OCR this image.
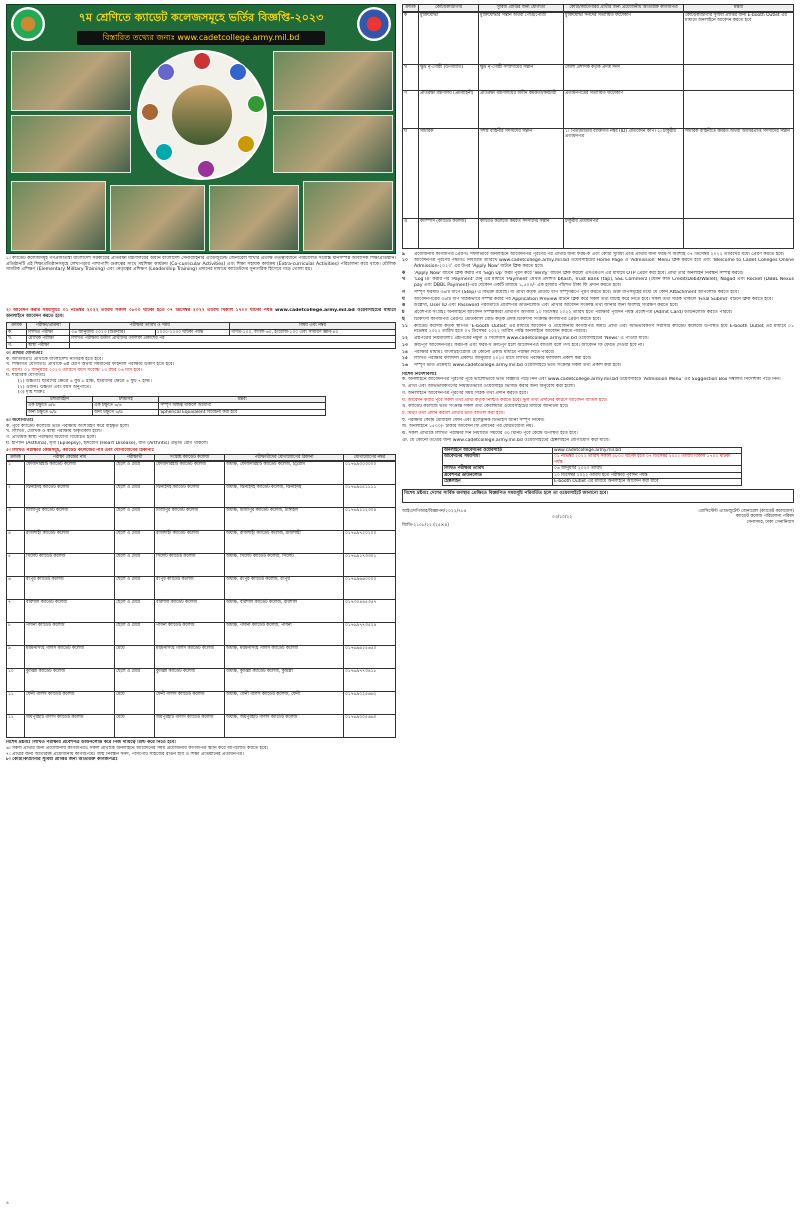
৭ম শ্রেণিতে ক্যাডেট কলেজসমূহে ভর্তির বিজ্ঞপ্তি-২০২৩
বিস্তারিত তথ্যের জন্যঃ www.cadetcollege.army.mil.bd
১। ক্যাডেট কলেজসমূহ গণপ্রজাতন্ত্রী বাংলাদেশ সরকারের প্রতিরক্ষা মন্ত্রণালয়ের অধীন বাংলাদেশ সেনাবাহিনীর এ্যাডজুটেন্ট জেনারেল শাখার প্রত্যক্ষ তত্ত্বাবধানে পরিচালিত সর্বোচ্চ মানসম্পন্ন আবাসিক শিক্ষাপ্রতিষ্ঠান। প্রতিষ্ঠানটি এই শিক্ষাপ্রতিষ্ঠানসমূহে লেখাপড়ার পাশাপাশি গুরুত্বের সাথে সহশিক্ষা কার্যক্রম (Co-curricular Activities) এবং শিক্ষা সহায়ক কার্যক্রম (Extra-curricular Activities) পরিচালনা করে থাকে। মৌলিক সামরিক প্রশিক্ষণ (Elementary Military Training) এবং নেতৃত্বের প্রশিক্ষণ (Leadership Training) প্রদানের মাধ্যমে ক্যাডেটদের সুনাগরিক হিসেবে গড়ে তোলা হয়।
২। আবেদন করার সময়সূচিঃ ০১ নভেম্বর ২০২২ তারিখ সকাল ০৮০০ ঘটিকা হতে ০৭ ডিসেম্বর ২০২২ তারিখ বিকাল ১৭০০ ঘটিকা পর্যন্ত www.cadetcollege.army.mil.bd ওয়েবসাইটের মাধ্যমে অনলাইনে আবেদন করতে হবে।
ক্রমিক	পরীক্ষা/প্রক্রিয়া	পরীক্ষার তারিখ ও সময়		বিষয় এবং নম্বর
ক.	লিখিত পরীক্ষা	০৬ জানুয়ারি ২০২৩ (শুক্রবার)	১০০০-১২০০ ঘটিকা পর্যন্ত	গণিত-১০০, বাংলা-৬০, ইংরেজি-১০০ এবং সাধারণ জ্ঞান-৪০
খ.	মৌখিক পরীক্ষা	লিখিত পরীক্ষায় উত্তীর্ণ প্রার্থীদের তালিকা প্রকাশের পর		
গ.	স্বাস্থ্য পরীক্ষা			
৩। প্রার্থীর যোগ্যতাঃ
ক. জাতীয়তাঃ প্রার্থীকে বাংলাদেশী নাগরিক হতে হবে।
খ. শিক্ষাগত যোগ্যতাঃ প্রার্থীকে ৬ষ্ঠ শ্রেণি অথবা সমমানের ফাইনাল পরীক্ষায় উত্তীর্ণ হতে হবে।
গ. বয়সঃ ০১ জানুয়ারি ২০২৩ তারিখে বয়স সর্বোচ্চ ১৩ বছর ০৬ মাস হবে।
ঘ. শারীরিক যোগ্যতাঃ
(১) উচ্চতাঃ ছাত্রদের ক্ষেত্রে ৪ ফুট ৮ ইঞ্চি, ছাত্রীদের ক্ষেত্রে ৪ ফুট ৭ ইঞ্চি।
(২) ওজনঃ উচ্চতা এবং বয়স অনুপাতে।
(৩) দৃষ্টি শক্তিঃ
চশমাবিহীন	চশমাসহ	মন্তব্য
এক চক্ষুতে ৬/৬	এক চক্ষুতে ৬/৬	সম্পূর্ণ অন্ধত্ব থাকলে অযোগ্য
অন্য চক্ষুতে ৬/৯	অন্য চক্ষুতে ৬/৯	Spherical Equivalent বিবেচনা করা হবে
৪। অযোগ্যতাঃ
ক. পূর্বে ক্যাডেট কলেজে ভর্তি পরীক্ষায় অংশগ্রহণ করে বহিষ্কৃত হলে।
খ. লিখিত, মৌখিক ও স্বাস্থ্য পরীক্ষায় অকৃতকার্য হলে।
গ. প্রাথমিক স্বাস্থ্য পরীক্ষায় অযোগ্য বিবেচিত হলে।
ঘ. হাঁপানি (Asthma), মৃগী (Epilepsy), হৃদরোগ (Heart Disease), বাত (Arthritis) প্রভৃতি রোগ থাকলে।
৫। লিখিত পরীক্ষার কেন্দ্রসমূহ, ক্যাডেট কলেজের নাম এবং যোগাযোগের ঠিকানাঃ
ক্রমিক	পরীক্ষা কেন্দ্রের নাম	পরীক্ষার্থী	সংশ্লিষ্ট ক্যাডেট কলেজ	পরীক্ষার্থীদের যোগাযোগের ঠিকানা	যোগাযোগের নম্বর
১	ফৌজদারহাট ক্যাডেট কলেজ	ছেলে ও মেয়ে	ফৌজদারহাট ক্যাডেট কলেজ	অধ্যক্ষ, ফৌজদারহাট ক্যাডেট কলেজ, চট্টগ্রাম	০১৭৬৯৩০৩০০০
২	ঝিনাইদহ ক্যাডেট কলেজ	ছেলে ও মেয়ে	ঝিনাইদহ ক্যাডেট কলেজ	অধ্যক্ষ, ঝিনাইদহ ক্যাডেট কলেজ, ঝিনাইদহ	০১৭৬৯৫৫১১১১
৩	মির্জাপুর ক্যাডেট কলেজ	ছেলে ও মেয়ে	মির্জাপুর ক্যাডেট কলেজ	অধ্যক্ষ, মির্জাপুর ক্যাডেট কলেজ, টাঙ্গাইল	০১৭৬৯১১২৩০৪
৪	রাজশাহী ক্যাডেট কলেজ	ছেলে ও মেয়ে	রাজশাহী ক্যাডেট কলেজ	অধ্যক্ষ, রাজশাহী ক্যাডেট কলেজ, রাজশাহী	০১৭৬৯৭২০১০০
৫	সিলেট ক্যাডেট কলেজ	ছেলে ও মেয়ে	সিলেট ক্যাডেট কলেজ	অধ্যক্ষ, সিলেট ক্যাডেট কলেজ, সিলেট	০১৭৬৯১৭৩৩০১
৬	রংপুর ক্যাডেট কলেজ	ছেলে ও মেয়ে	রংপুর ক্যাডেট কলেজ	অধ্যক্ষ, রংপুর ক্যাডেট কলেজ, রংপুর	০১৭৬৯৬৬০০০০
৭	বরিশাল ক্যাডেট কলেজ	ছেলে ও মেয়ে	বরিশাল ক্যাডেট কলেজ	অধ্যক্ষ, বরিশাল ক্যাডেট কলেজ, বরিশাল	০১৭৩০৪৪৫৩৫৭
৮	পাবনা ক্যাডেট কলেজ	ছেলে ও মেয়ে	পাবনা ক্যাডেট কলেজ	অধ্যক্ষ, পাবনা ক্যাডেট কলেজ, পাবনা	০১৭৬৯৭৭৩৫২৪
৯	ময়মনসিংহ গার্লস ক্যাডেট কলেজ	মেয়ে	ময়মনসিংহ গার্লস ক্যাডেট কলেজ	অধ্যক্ষ, ময়মনসিংহ গার্লস ক্যাডেট কলেজ	০১৭৬৯৬২৫৬৫০
১০	কুমিল্লা ক্যাডেট কলেজ	ছেলে ও মেয়ে	কুমিল্লা ক্যাডেট কলেজ	অধ্যক্ষ, কুমিল্লা ক্যাডেট কলেজ, কুমিল্লা	০১৭৬৯৭৭৩৪১৮
১১	ফেনী গার্লস ক্যাডেট কলেজ	মেয়ে	ফেনী গার্লস ক্যাডেট কলেজ	অধ্যক্ষ, ফেনী গার্লস ক্যাডেট কলেজ, ফেনী	০১৭৬৯০২৫৬৬২
১২	জয়পুরহাট গার্লস ক্যাডেট কলেজ	মেয়ে	জয়পুরহাট গার্লস ক্যাডেট কলেজ	অধ্যক্ষ, জয়পুরহাট গার্লস ক্যাডেট কলেজ	০১৭৬৯০০৫৬৬০
বিশেষ দ্রষ্টব্যঃ লিখিত পরীক্ষার প্রবেশপত্র ডাউনলোড করে নিজ দায়িত্বে প্রিন্ট করে নিতে হবে।
৬। সকল প্রার্থীর জন্য প্রয়োজনীয় কাগজপত্রঃ সকল প্রার্থীকে অনলাইনে আবেদনের সময় প্রয়োজনীয় কাগজপত্র স্ক্যান করে আপলোড করতে হবে।
৭। প্রার্থীর জন্য অতিরিক্ত প্রয়োজনীয় কাগজপত্রঃ জন্ম নিবন্ধন সনদ, পাসপোর্ট সাইজের রঙিন ছবি ও শিক্ষা প্রতিষ্ঠানের প্রত্যয়নপত্র।
৮। কোটা/ক্যাটাগরি সুবিধা প্রাপ্তির জন্য অতিরিক্ত কাগজপত্রঃ
ক্রমিক	কোটা/ক্যাটাগরি	সুবিধা প্রাপ্তির জন্য যোগ্যতা	কোটা/ক্যাটাগরির প্রার্থীর জন্য প্রয়োজনীয় অতিরিক্ত কাগজপত্র	মন্তব্য
ক	মুক্তিযোদ্ধা	মুক্তিযোদ্ধার সন্তান অথবা পৌত্র/পৌত্রী	মুক্তিযোদ্ধা সনদের সত্যায়িত ফটোকপি	কোটা/ক্যাটাগরি সুবিধা প্রাপ্তির জন্য E-booth Outlet এর মাধ্যমে অনলাইনে আবেদন করতে হবে
খ	ক্ষুদ্র নৃ-গোষ্ঠী (উপজাতি)	ক্ষুদ্র নৃ-গোষ্ঠী সম্প্রদায়ের সন্তান	জেলা প্রশাসক কর্তৃক প্রদত্ত সনদ	
গ	প্রতিরক্ষা মন্ত্রণালয় (প্রমবাহিনী)	প্রতিরক্ষা মন্ত্রণালয়ের অধীন কর্মকর্তা/কর্মচারী	প্রত্যয়নপত্রের সত্যায়িত ফটোকপি	
ঘ	সামরিক	সশস্ত্র বাহিনীর সদস্যদের সন্তান	১। পিতা/মাতার ব্যক্তিগত নম্বর (ID) প্রতিবেদন কপি। ২। চাকুরীর প্রত্যয়নপত্র	সামরিক বাহিনীতে কর্মরত অথবা অবসরপ্রাপ্ত সদস্যদের সন্তান
ঙ	ক্যাম্পাস (ক্যাডেট কলেজ)	ক্যাডেট কলেজে কর্মরত সদস্যদের সন্তান	চাকুরীর প্রত্যয়নপত্র	
৯	প্রয়োজনীয় কাগজপত্র প্রেরণঃ সফলভাবে অনলাইনে আবেদনপত্র পূরণের পর প্রার্থীর জন্য ফরম-ক এবং কোটা সুবিধা প্রাপ্ত প্রার্থীর জন্য ফরম-খ অবশ্যই ০৭ ডিসেম্বর ২০২২ তারিখের মধ্যে প্রেরণ করতে হবে।
১০	আবেদনপত্র পূরণের পদ্ধতিঃ নির্ধারিত তারিখে www.cadetcollege.army.mil.bd ওয়েবসাইটের Home Page এ 'Admission' Menu ক্লিক করতে হবে এবং 'Welcome to Cadet Colleges Online Admission-২০২৩' এর উপর 'Apply Now' বাটনে ক্লিক করতে হবে।
ক	'Apply Now' বাটনে ক্লিক করার পর 'Sign Up' ফরম পূরণ করে 'Verify' বাটনে ক্লিক করলে এসএমএস এর মাধ্যমে OTP প্রেরণ করা হবে। প্রার্থী তার অনলাইন নিবন্ধন সম্পন্ন করবে।
খ	'Log In' করার পর 'Payment' মেনু এর মাধ্যমে 'Payment' মেথড প্রদর্শিত bKash, Trust Bank (tap), SSL Commerz (যেমন কার্ড Credit/Debit/Wallet), Nagad এবং Rocket (DBBL Nexus pay এবং DBBL Payment)-এর যেকোন একটি মাধ্যমে ১,৫০০/- এক হাজার পাঁচশত টাকা ফি প্রদান করতে হবে।
গ	সম্পূর্ণ ফরমটি ৩৬টি ধাপে (Step) এ বিভক্ত রয়েছে। যা প্রার্থী কর্তৃক প্রতিটি ধাপ সম্পূর্ণরূপে পূরণ করতে হবে। উক্ত ধাপসমূহের মধ্যে যে কোন Attachment আপলোড করতে হবে।
ঘ	আবেদনপত্রের ৩৬টি ধাপ সঠিকভাবে সম্পন্ন করার পর Application Preview বাটনে ক্লিক করে সকল তথ্য যাচাই করে নিতে হবে। সকল তথ্য সঠিক থাকলে 'Final Submit' বাটনে ক্লিক করতে হবে।
ঙ	উল্লেখ্য, User ID এবং Password পরবর্তীতে প্রবেশপত্র ডাউনলোড এবং প্রার্থীর আবেদন সংক্রান্ত তথ্য জানার জন্য অবশ্যই সংরক্ষণ করতে হবে।
চ	প্রবেশপত্র সংগ্রহঃ অনলাইনে আবেদন সম্পন্নকারী প্রার্থীগণ আগামী ১০ ডিসেম্বর ২০২২ তারিখ হতে পরীক্ষার পূর্বদিন পর্যন্ত প্রবেশপত্র (Admit Card) ডাউনলোড করতে পারবে।
ছ	চিকিৎসা কাগজপত্র প্রেরণঃ মেডিক্যাল বোর্ড কর্তৃক প্রদত্ত চিকিৎসা সংক্রান্ত কাগজপত্র প্রেরণ করতে হবে।
১১	ক্যাডেট কলেজ কর্তৃক স্থাপিত 'E-booth Outlet' এর মাধ্যমে আবেদন ও প্রয়োজনীয় কাগজপত্র জমাঃ প্রার্থী এবং অভিভাবকগণ সরাসরি ক্যাডেট কলেজে উপস্থিত হয়ে E-booth Outlet এর মাধ্যমে ০১ নভেম্বর ২০২২ তারিখ হতে ০৭ ডিসেম্বর ২০২২ তারিখ পর্যন্ত অনলাইনে আবেদন করতে পারবে।
১২	প্রশ্নপত্রের নিয়মাবলীঃ প্রশ্নপত্রের নমুনা ও সিলেবাস www.cadetcollege.army.mil.bd ওয়েবসাইটের 'News' এ পাওয়া যাবে।
১৩	ক্রটিপূর্ণ আবেদনপত্রঃ ফরম-ক এবং ফরম-খ ক্রটিপূর্ণ হলে আবেদনপত্র বাতিল বলে গণ্য হবে। আবেদন ফি ফেরত দেওয়া হবে না।
১৪	পরীক্ষার মাধ্যমঃ বাংলা/ইংরেজি যে কোনো একটি মাধ্যমে পরীক্ষা দিতে পারবে।
১৫	লিখিত পরীক্ষার ফলাফল প্রকাশঃ জানুয়ারি ২০২৩ মাসে লিখিত পরীক্ষার ফলাফল প্রকাশ করা হবে।
১৬	সম্পূর্ণ ভর্তি প্রক্রিয়াঃ www.cadetcollege.army.mil.bd ওয়েবসাইটে ভর্তি সংক্রান্ত সকল তথ্য প্রকাশ করা হবে।
বিশেষ নির্দেশাবলীঃ
ক. অনলাইনে আবেদনপত্র পূরণের পূর্বে ভালোভাবে ভর্তি বিজ্ঞপ্তি পড়ে নিন এবং www.cadetcollege.army.mil.bd ওয়েবসাইটে 'Admission Menu' এর Suggestion Box সম্বলিত নির্দেশিকা পড়ে নিন।
খ. প্রার্থী এবং অভিভাবকগণের নিয়মিতভাবে ওয়েবসাইট ভিজিট করার জন্য অনুরোধ করা হলো।
গ. অনলাইনে আবেদনপত্র পূরণের সময় সঠিক তথ্য প্রদান করতে হবে।
ঘ. আবেদন করার পূর্বে সকল তথ্য প্রার্থী কর্তৃক নিশ্চিত করতে হবে। ভুল তথ্য প্রদানের কারণে আবেদন বাতিল হবে।
ঙ. ক্যাডেট কলেজে ভর্তি সংক্রান্ত সকল তথ্য কেবলমাত্র ওয়েবসাইটের মাধ্যমে জানানো হবে।
চ. মিথ্যা তথ্য প্রদান করলে প্রার্থীর ভর্তি বাতিল করা হবে।
ছ. পরীক্ষার কেন্দ্রে মোবাইল ফোন এবং ইলেক্ট্রনিক ডিভাইস আনা সম্পূর্ণ নিষেধ।
জ. অনলাইনে ১৫০০/- টাকার আবেদন ফি প্রদানের পর ফেরতযোগ্য নয়।
ঝ. সকল প্রার্থীকে লিখিত পরীক্ষার দিন নির্ধারিত সময়ের ৩০ মিনিট পূর্বে কেন্দ্রে উপস্থিত হতে হবে।
ঞ. যে কোনো তথ্যের জন্য www.cadetcollege.army.mil.bd ওয়েবসাইটের হেল্পলাইনে যোগাযোগ করা যাবে।
অনলাইনে আবেদনের ওয়েবসাইট	www.cadetcollege.army.mil.bd
আবেদনের সময়সীমা	০১ নভেম্বর ২০২২ তারিখ সকাল ০৮০০ ঘটিকা হতে ০৭ ডিসেম্বর ২০২২ তারিখ বিকাল ১৭০০ ঘটিকা পর্যন্ত
লিখিত পরীক্ষার তারিখ	০৬ জানুয়ারি ২০২৩ তারিখ
প্রবেশপত্র ডাউনলোড	১০ ডিসেম্বর ২০২২ তারিখ হতে পরীক্ষার পূর্বদিন পর্যন্ত
হেল্পলাইন	E-booth Outlet এর মাধ্যমে অনলাইনে আবেদন করা যাবে
বিশেষ দ্রষ্টব্যঃ দেশের সার্বিক অবস্থার প্রেক্ষিতে বিজ্ঞাপিত সময়সূচি পরিবর্তিত হলে তা ওয়েবসাইটে জানানো হবে।
আইএসপিআর/বিজ্ঞাপন/২০২২/৭৮৪
জিডি-২১০৮/২২ (২৫×৪)
০৩/১০/২২
এ্যাসিস্টেন্ট এ্যাডজুটেন্ট জেনারেল (ক্যাডেট কলেজেস)
ক্যাডেট কলেজ পরিচালনা পরিষদ
সেনাসদর, ঢাকা সেনানিবাস
৪
